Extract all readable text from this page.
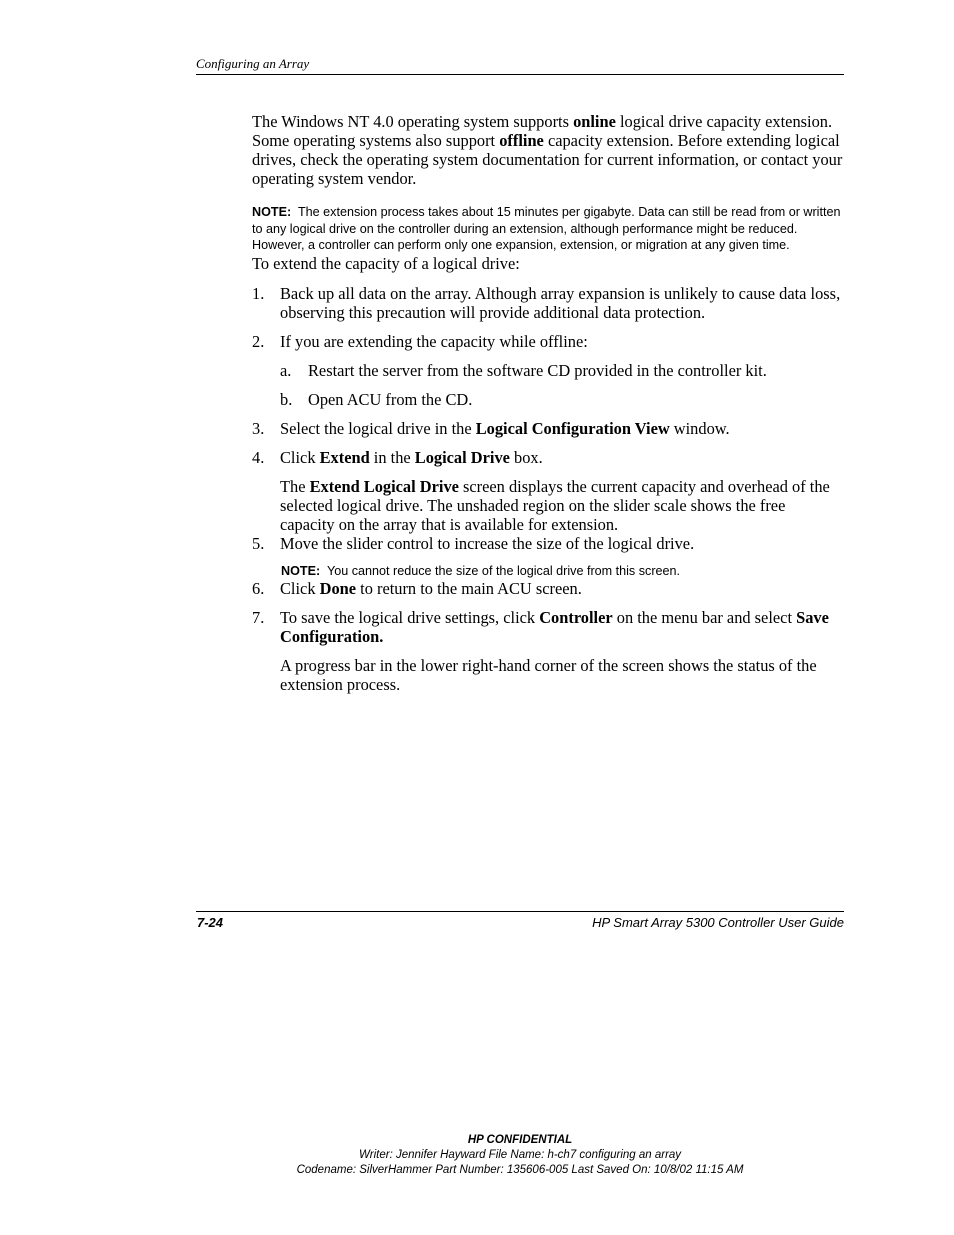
Configuring an Array

The Windows NT 4.0 operating system supports online logical drive capacity extension. Some operating systems also support offline capacity extension. Before extending logical drives, check the operating system documentation for current information, or contact your operating system vendor.

NOTE: The extension process takes about 15 minutes per gigabyte. Data can still be read from or written to any logical drive on the controller during an extension, although performance might be reduced. However, a controller can perform only one expansion, extension, or migration at any given time.

To extend the capacity of a logical drive:

1. Back up all data on the array. Although array expansion is unlikely to cause data loss, observing this precaution will provide additional data protection.
2. If you are extending the capacity while offline:
a. Restart the server from the software CD provided in the controller kit.
b. Open ACU from the CD.
3. Select the logical drive in the Logical Configuration View window.
4. Click Extend in the Logical Drive box.

The Extend Logical Drive screen displays the current capacity and overhead of the selected logical drive. The unshaded region on the slider scale shows the free capacity on the array that is available for extension.

5. Move the slider control to increase the size of the logical drive.

NOTE: You cannot reduce the size of the logical drive from this screen.

6. Click Done to return to the main ACU screen.
7. To save the logical drive settings, click Controller on the menu bar and select Save Configuration.

A progress bar in the lower right-hand corner of the screen shows the status of the extension process.

7-24	HP Smart Array 5300 Controller User Guide
HP CONFIDENTIAL
Writer: Jennifer Hayward File Name: h-ch7 configuring an array
Codename: SilverHammer Part Number: 135606-005 Last Saved On: 10/8/02 11:15 AM
